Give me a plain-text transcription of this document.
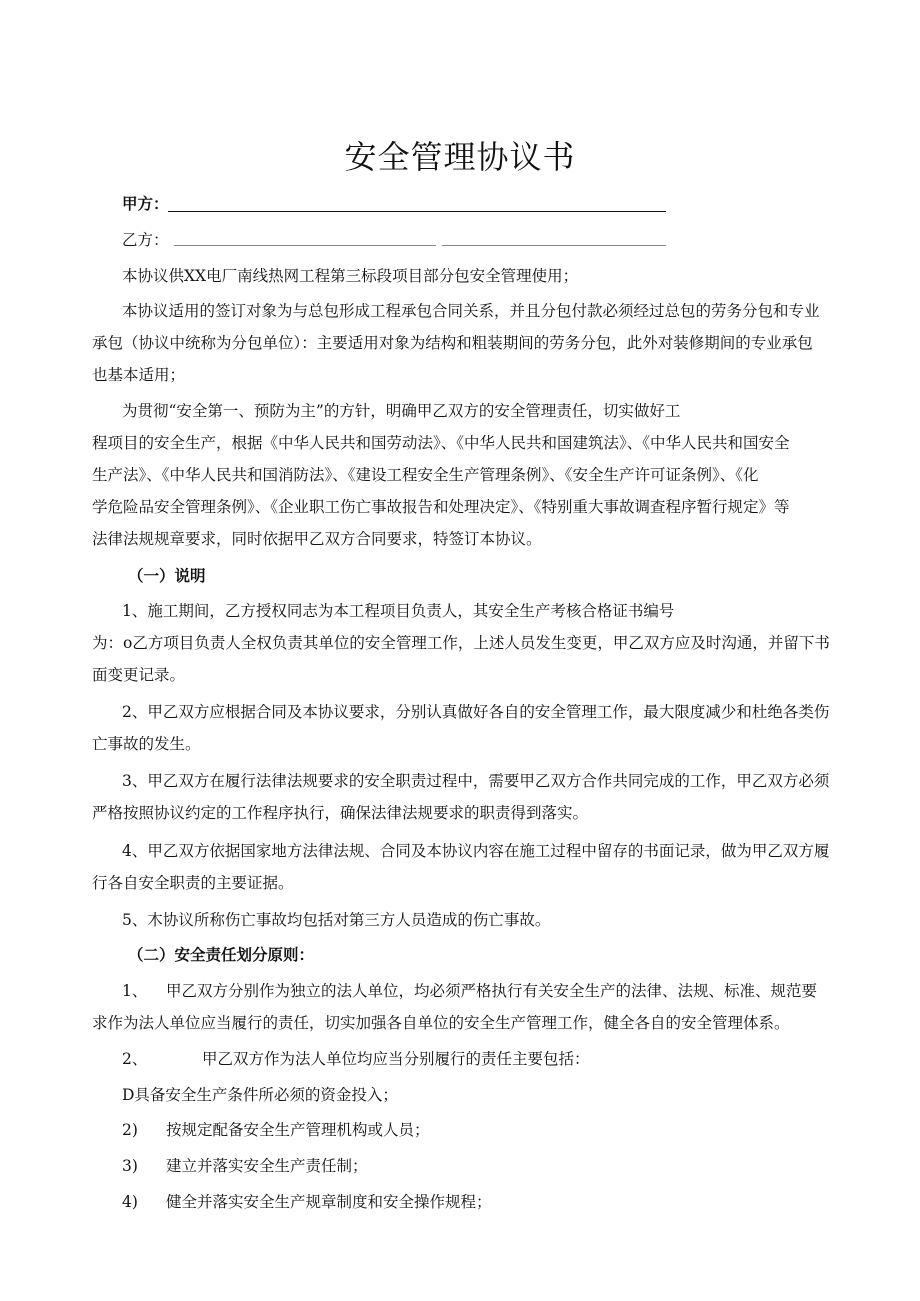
安全管理协议书
甲方：
乙方：
本协议供XX电厂南线热网工程第三标段项目部分包安全管理使用；
本协议适用的签订对象为与总包形成工程承包合同关系，并且分包付款必须经过总包的劳务分包和专业
承包（协议中统称为分包单位）：主要适用对象为结构和粗装期间的劳务分包，此外对装修期间的专业承包
也基本适用；
为贯彻“安全第一、预防为主”的方针，明确甲乙双方的安全管理责任，切实做好工
程项目的安全生产，根据《中华人民共和国劳动法》、《中华人民共和国建筑法》、《中华人民共和国安全
生产法》、《中华人民共和国消防法》、《建设工程安全生产管理条例》、《安全生产许可证条例》、《化
学危险品安全管理条例》、《企业职工伤亡事故报告和处理决定》、《特别重大事故调查程序暂行规定》等
法律法规规章要求，同时依据甲乙双方合同要求，特签订本协议。
（一）说明
1、施工期间，乙方授权同志为本工程项目负责人，其安全生产考核合格证书编号
为：o乙方项目负责人全权负责其单位的安全管理工作，上述人员发生变更，甲乙双方应及时沟通，并留下书
面变更记录。
2、甲乙双方应根据合同及本协议要求，分别认真做好各自的安全管理工作，最大限度减少和杜绝各类伤
亡事故的发生。
3、甲乙双方在履行法律法规要求的安全职责过程中，需要甲乙双方合作共同完成的工作，甲乙双方必须
严格按照协议约定的工作程序执行，确保法律法规要求的职责得到落实。
4、甲乙双方依据国家地方法律法规、合同及本协议内容在施工过程中留存的书面记录，做为甲乙双方履
行各自安全职责的主要证据。
5、木协议所称伤亡事故均包括对第三方人员造成的伤亡事故。
（二）安全责任划分原则：
1、 甲乙双方分别作为独立的法人单位，均必须严格执行有关安全生产的法律、法规、标准、规范要
求作为法人单位应当履行的责任，切实加强各自单位的安全生产管理工作，健全各自的安全管理体系。
2、	甲乙双方作为法人单位均应当分别履行的责任主要包括：
D具备安全生产条件所必须的资金投入；
2) 按规定配备安全生产管理机构或人员；
3) 建立并落实安全生产责任制；
4) 健全并落实安全生产规章制度和安全操作规程；
